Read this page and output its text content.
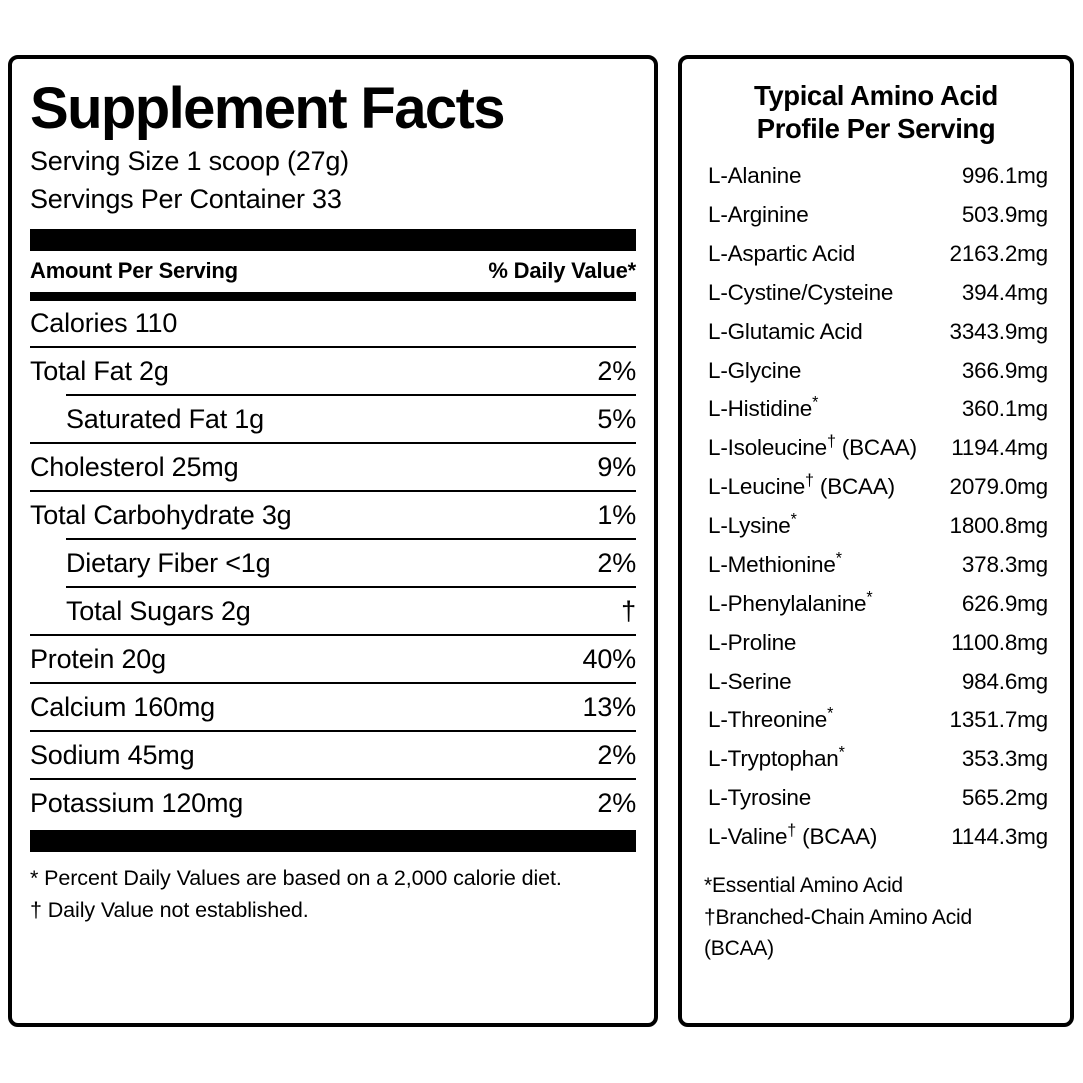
Supplement Facts
Serving Size 1 scoop (27g)
Servings Per Container 33
Amount Per Serving	% Daily Value*
Calories 110
Total Fat 2g	2%
Saturated Fat 1g	5%
Cholesterol 25mg	9%
Total Carbohydrate 3g	1%
Dietary Fiber <1g	2%
Total Sugars 2g	†
Protein 20g	40%
Calcium 160mg	13%
Sodium 45mg	2%
Potassium 120mg	2%
* Percent Daily Values are based on a 2,000 calorie diet.
† Daily Value not established.
Typical Amino Acid
Profile Per Serving
L-Alanine	996.1mg
L-Arginine	503.9mg
L-Aspartic Acid	2163.2mg
L-Cystine/Cysteine	394.4mg
L-Glutamic Acid	3343.9mg
L-Glycine	366.9mg
L-Histidine*	360.1mg
L-Isoleucine† (BCAA) 1194.4mg
L-Leucine† (BCAA) 2079.0mg
L-Lysine*	1800.8mg
L-Methionine*	378.3mg
L-Phenylalanine*	626.9mg
L-Proline	1100.8mg
L-Serine	984.6mg
L-Threonine*	1351.7mg
L-Tryptophan*	353.3mg
L-Tyrosine	565.2mg
L-Valine† (BCAA)	1144.3mg
*Essential Amino Acid
†Branched-Chain Amino Acid
(BCAA)
